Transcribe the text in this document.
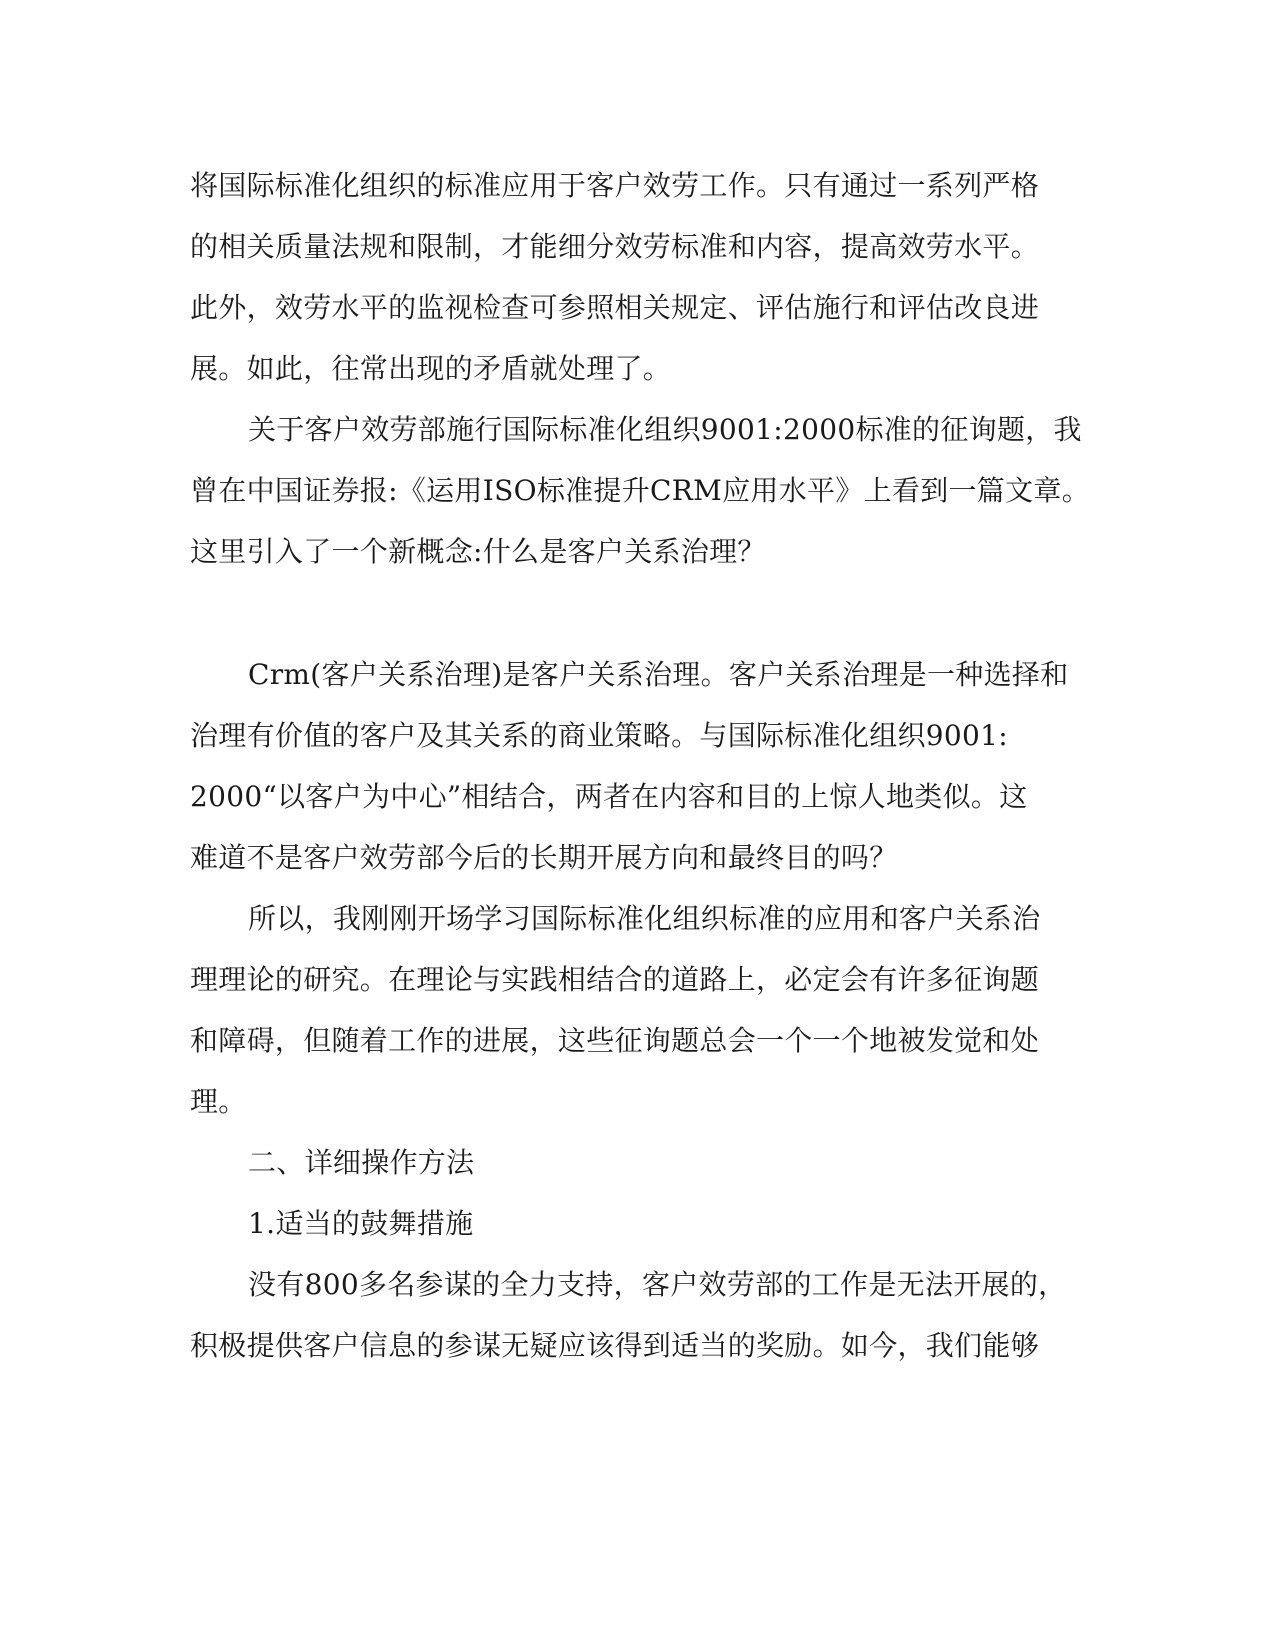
将国际标准化组织的标准应用于客户效劳工作。只有通过一系列严格
的相关质量法规和限制，才能细分效劳标准和内容，提高效劳水平。
此外，效劳水平的监视检查可参照相关规定、评估施行和评估改良进
展。如此，往常出现的矛盾就处理了。
关于客户效劳部施行国际标准化组织9001:2000标准的征询题，我
曾在中国证券报:《运用ISO标准提升CRM应用水平》上看到一篇文章。
这里引入了一个新概念:什么是客户关系治理？
Crm(客户关系治理)是客户关系治理。客户关系治理是一种选择和
治理有价值的客户及其关系的商业策略。与国际标准化组织9001:
2000“以客户为中心”相结合，两者在内容和目的上惊人地类似。这
难道不是客户效劳部今后的长期开展方向和最终目的吗？
所以，我刚刚开场学习国际标准化组织标准的应用和客户关系治
理理论的研究。在理论与实践相结合的道路上，必定会有许多征询题
和障碍，但随着工作的进展，这些征询题总会一个一个地被发觉和处
理。
二、详细操作方法
1.适当的鼓舞措施
没有800多名参谋的全力支持，客户效劳部的工作是无法开展的，
积极提供客户信息的参谋无疑应该得到适当的奖励。如今，我们能够
